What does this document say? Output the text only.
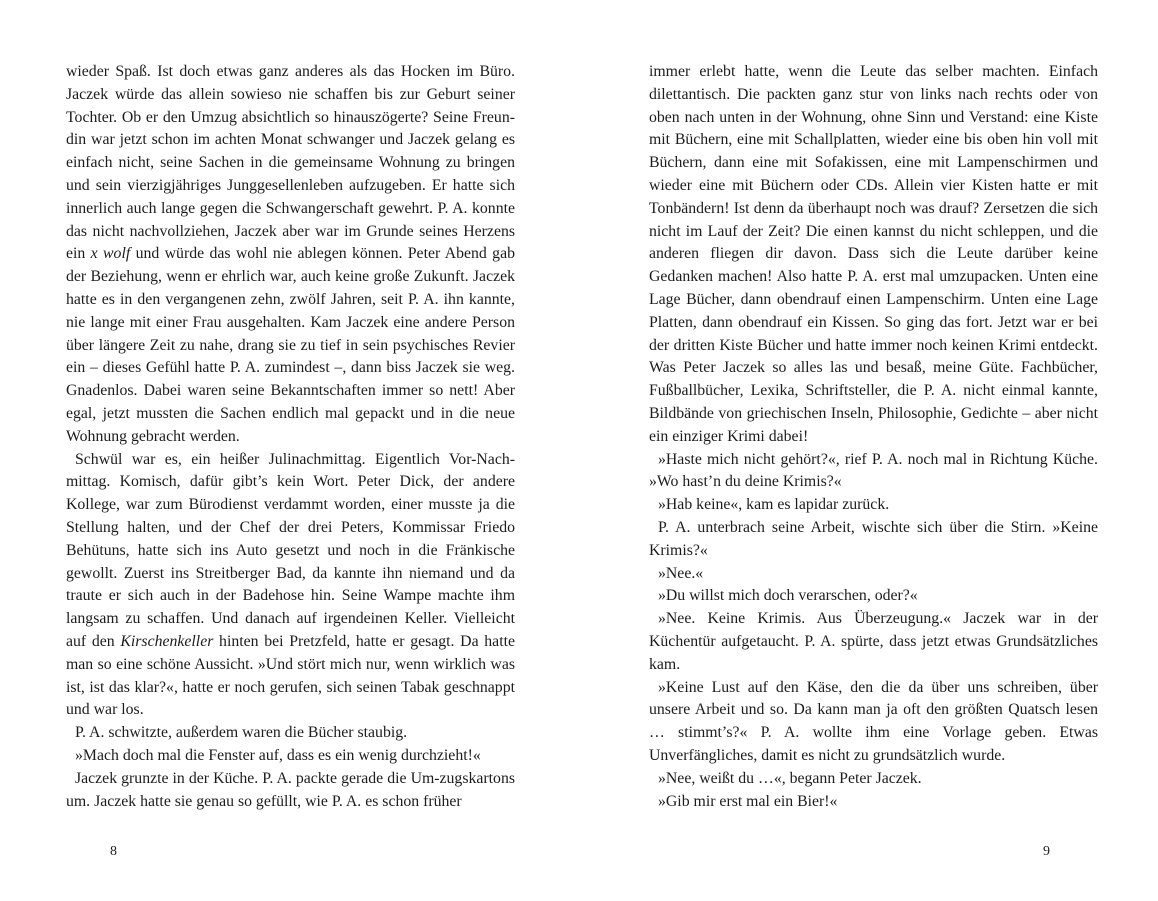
wieder Spaß. Ist doch etwas ganz anderes als das Hocken im Büro. Jaczek würde das allein sowieso nie schaffen bis zur Geburt seiner Tochter. Ob er den Umzug absichtlich so hinauszögerte? Seine Freundin war jetzt schon im achten Monat schwanger und Jaczek gelang es einfach nicht, seine Sachen in die gemeinsame Wohnung zu bringen und sein vierzigjähriges Junggesellenleben aufzugeben. Er hatte sich innerlich auch lange gegen die Schwangerschaft gewehrt. P. A. konnte das nicht nachvollziehen, Jaczek aber war im Grunde seines Herzens ein x wolf und würde das wohl nie ablegen können. Peter Abend gab der Beziehung, wenn er ehrlich war, auch keine große Zukunft. Jaczek hatte es in den vergangenen zehn, zwölf Jahren, seit P. A. ihn kannte, nie lange mit einer Frau ausgehalten. Kam Jaczek eine andere Person über längere Zeit zu nahe, drang sie zu tief in sein psychisches Revier ein – dieses Gefühl hatte P. A. zumindest –, dann biss Jaczek sie weg. Gnadenlos. Dabei waren seine Bekanntschaften immer so nett! Aber egal, jetzt mussten die Sachen endlich mal gepackt und in die neue Wohnung gebracht werden.

Schwül war es, ein heißer Julinachmittag. Eigentlich Vor-Nachmittag. Komisch, dafür gibt’s kein Wort. Peter Dick, der andere Kollege, war zum Bürodienst verdammt worden, einer musste ja die Stellung halten, und der Chef der drei Peters, Kommissar Friedo Behütuns, hatte sich ins Auto gesetzt und noch in die Fränkische gewollt. Zuerst ins Streitberger Bad, da kannte ihn niemand und da traute er sich auch in der Badehose hin. Seine Wampe machte ihm langsam zu schaffen. Und danach auf irgendeinen Keller. Vielleicht auf den Kirschenkeller hinten bei Pretzfeld, hatte er gesagt. Da hatte man so eine schöne Aussicht. »Und stört mich nur, wenn wirklich was ist, ist das klar?«, hatte er noch gerufen, sich seinen Tabak geschnappt und war los.

P. A. schwitzte, außerdem waren die Bücher staubig.

»Mach doch mal die Fenster auf, dass es ein wenig durchzieht!«

Jaczek grunzte in der Küche. P. A. packte gerade die Um-zugskartons um. Jaczek hatte sie genau so gefüllt, wie P. A. es schon früher

immer erlebt hatte, wenn die Leute das selber machten. Einfach dilettantisch. Die packten ganz stur von links nach rechts oder von oben nach unten in der Wohnung, ohne Sinn und Verstand: eine Kiste mit Büchern, eine mit Schallplatten, wieder eine bis oben hin voll mit Büchern, dann eine mit Sofakissen, eine mit Lampenschirmen und wieder eine mit Büchern oder CDs. Allein vier Kisten hatte er mit Tonbändern! Ist denn da überhaupt noch was drauf? Zersetzen die sich nicht im Lauf der Zeit? Die einen kannst du nicht schleppen, und die anderen fliegen dir davon. Dass sich die Leute darüber keine Gedanken machen! Also hatte P. A. erst mal umzupacken. Unten eine Lage Bücher, dann obendrauf einen Lampenschirm. Unten eine Lage Platten, dann obendrauf ein Kissen. So ging das fort. Jetzt war er bei der dritten Kiste Bücher und hatte immer noch keinen Krimi entdeckt. Was Peter Jaczek so alles las und besaß, meine Güte. Fachbücher, Fußballbücher, Lexika, Schriftsteller, die P. A. nicht einmal kannte, Bildbände von griechischen Inseln, Philosophie, Gedichte – aber nicht ein einziger Krimi dabei!

»Haste mich nicht gehört?«, rief P. A. noch mal in Richtung Küche. »Wo hast’n du deine Krimis?«

»Hab keine«, kam es lapidar zurück.

P. A. unterbrach seine Arbeit, wischte sich über die Stirn. »Keine Krimis?«

»Nee.«

»Du willst mich doch verarschen, oder?«

»Nee. Keine Krimis. Aus Überzeugung.« Jaczek war in der Küchentür aufgetaucht. P. A. spürte, dass jetzt etwas Grundsätzliches kam.

»Keine Lust auf den Käse, den die da über uns schreiben, über unsere Arbeit und so. Da kann man ja oft den größten Quatsch lesen … stimmt’s?« P. A. wollte ihm eine Vorlage geben. Etwas Unverfängliches, damit es nicht zu grundsätzlich wurde.

»Nee, weißt du …«, begann Peter Jaczek.

»Gib mir erst mal ein Bier!«

8	9
